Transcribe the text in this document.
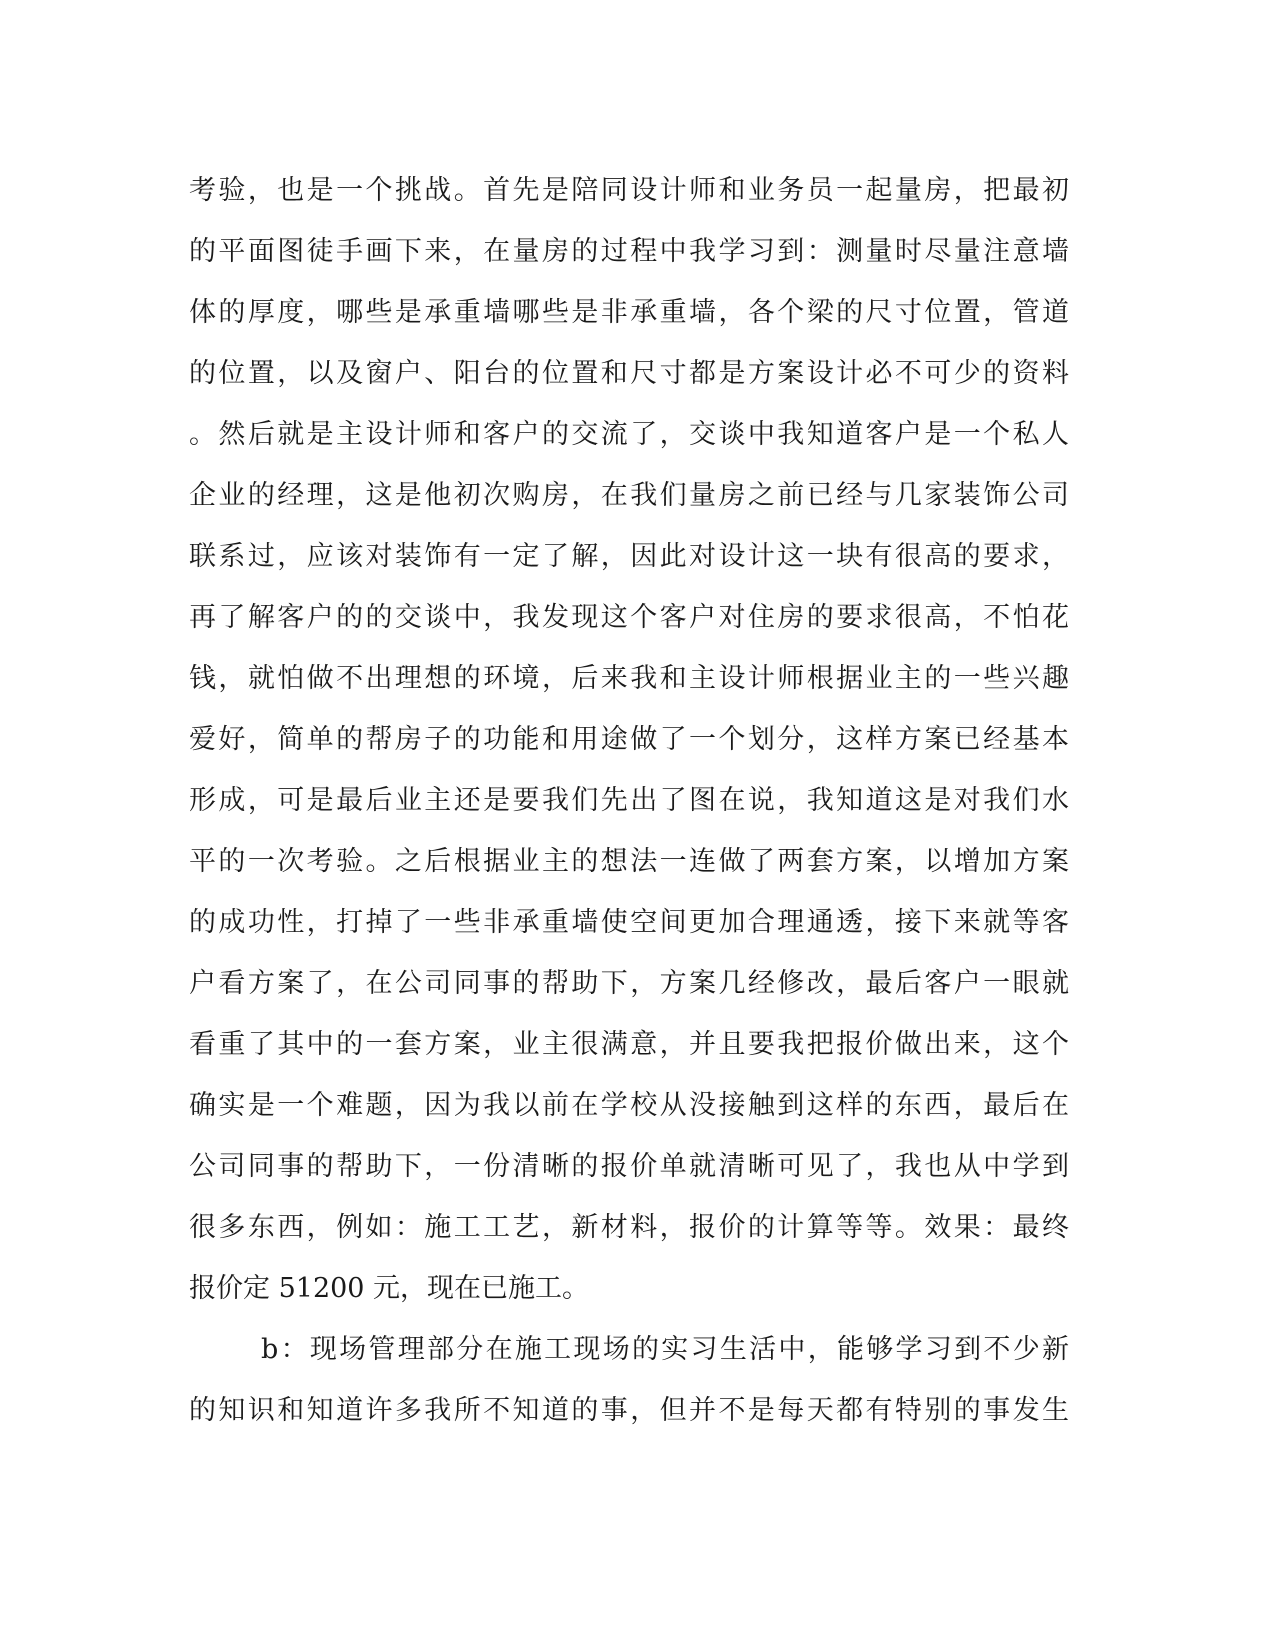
考验，也是一个挑战。首先是陪同设计师和业务员一起量房，把最初
的平面图徒手画下来，在量房的过程中我学习到：测量时尽量注意墙
体的厚度，哪些是承重墙哪些是非承重墙，各个梁的尺寸位置，管道
的位置，以及窗户、阳台的位置和尺寸都是方案设计必不可少的资料
。然后就是主设计师和客户的交流了，交谈中我知道客户是一个私人
企业的经理，这是他初次购房，在我们量房之前已经与几家装饰公司
联系过，应该对装饰有一定了解，因此对设计这一块有很高的要求，
再了解客户的的交谈中，我发现这个客户对住房的要求很高，不怕花
钱，就怕做不出理想的环境，后来我和主设计师根据业主的一些兴趣
爱好，简单的帮房子的功能和用途做了一个划分，这样方案已经基本
形成，可是最后业主还是要我们先出了图在说，我知道这是对我们水
平的一次考验。之后根据业主的想法一连做了两套方案，以增加方案
的成功性，打掉了一些非承重墙使空间更加合理通透，接下来就等客
户看方案了，在公司同事的帮助下，方案几经修改，最后客户一眼就
看重了其中的一套方案，业主很满意，并且要我把报价做出来，这个
确实是一个难题，因为我以前在学校从没接触到这样的东西，最后在
公司同事的帮助下，一份清晰的报价单就清晰可见了，我也从中学到
很多东西，例如：施工工艺，新材料，报价的计算等等。效果：最终
报价定 51200 元，现在已施工。
b：现场管理部分在施工现场的实习生活中，能够学习到不少新
的知识和知道许多我所不知道的事，但并不是每天都有特别的事发生
